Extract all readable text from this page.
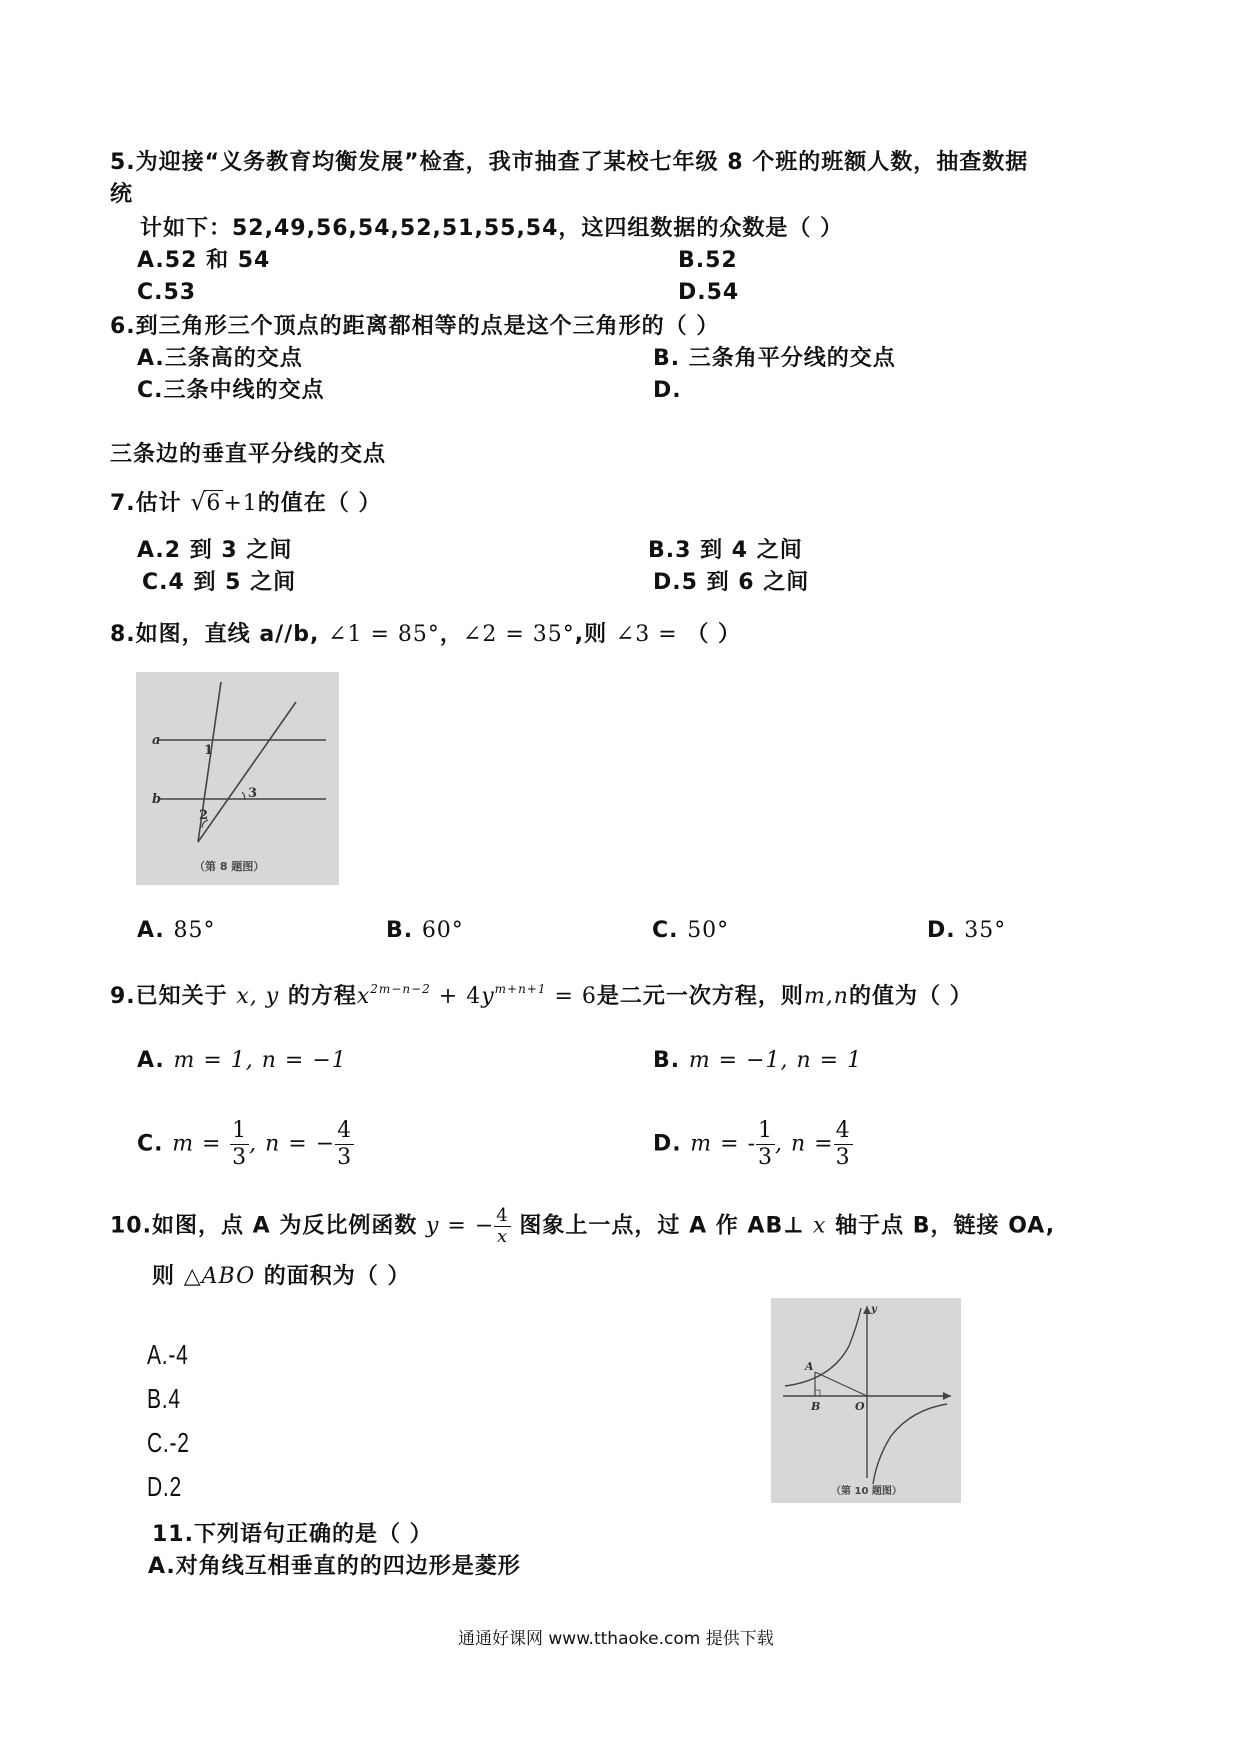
5.为迎接“义务教育均衡发展”检查，我市抽查了某校七年级 8 个班的班额人数，抽查数据
统
计如下：52,49,56,54,52,51,55,54，这四组数据的众数是（ ）
A.52 和 54	B.52
C.53	D.54
6.到三角形三个顶点的距离都相等的点是这个三角形的（ ）
A.三条高的交点	B. 三条角平分线的交点
C.三条中线的交点	D.
三条边的垂直平分线的交点
7.估计 √ 6+1的值在（ ）
A.2 到 3 之间	B.3 到 4 之间
C.4 到 5 之间	D.5 到 6 之间
8.如图，直线 a//b, ∠1 = 85°，∠2 = 35°,则 ∠3 = （ ）
a
b
1
2
3
（第 8 题图）
A. 85°	B. 60°	C. 50°	D. 35°
9.已知关于 x, y 的方程$x^{2m-n-2} + 4y^{m+n+1} = 6$是二元一次方程，则m,n的值为（ ）
A. m = 1, n = −1	B. m = −1, n = 1
C. $m = \frac{1}{3}$ , n = − $\frac{4}{3}$	D. m = - $\frac{1}{3}$ , $n = \frac{4}{3}$
10.如图，点 A 为反比例函数 y = − $\frac{4}{x}$ 图象上一点，过 A 作 AB⊥ x 轴于点 B，链接 OA,
则 △ABO 的面积为（ ）
A.-4
B.4
C.-2
D.2
y
A
B	O
（第 10 题图）
11.下列语句正确的是（ ）
A.对角线互相垂直的的四边形是菱形
通通好课网 www.tthaoke.com 提供下载
